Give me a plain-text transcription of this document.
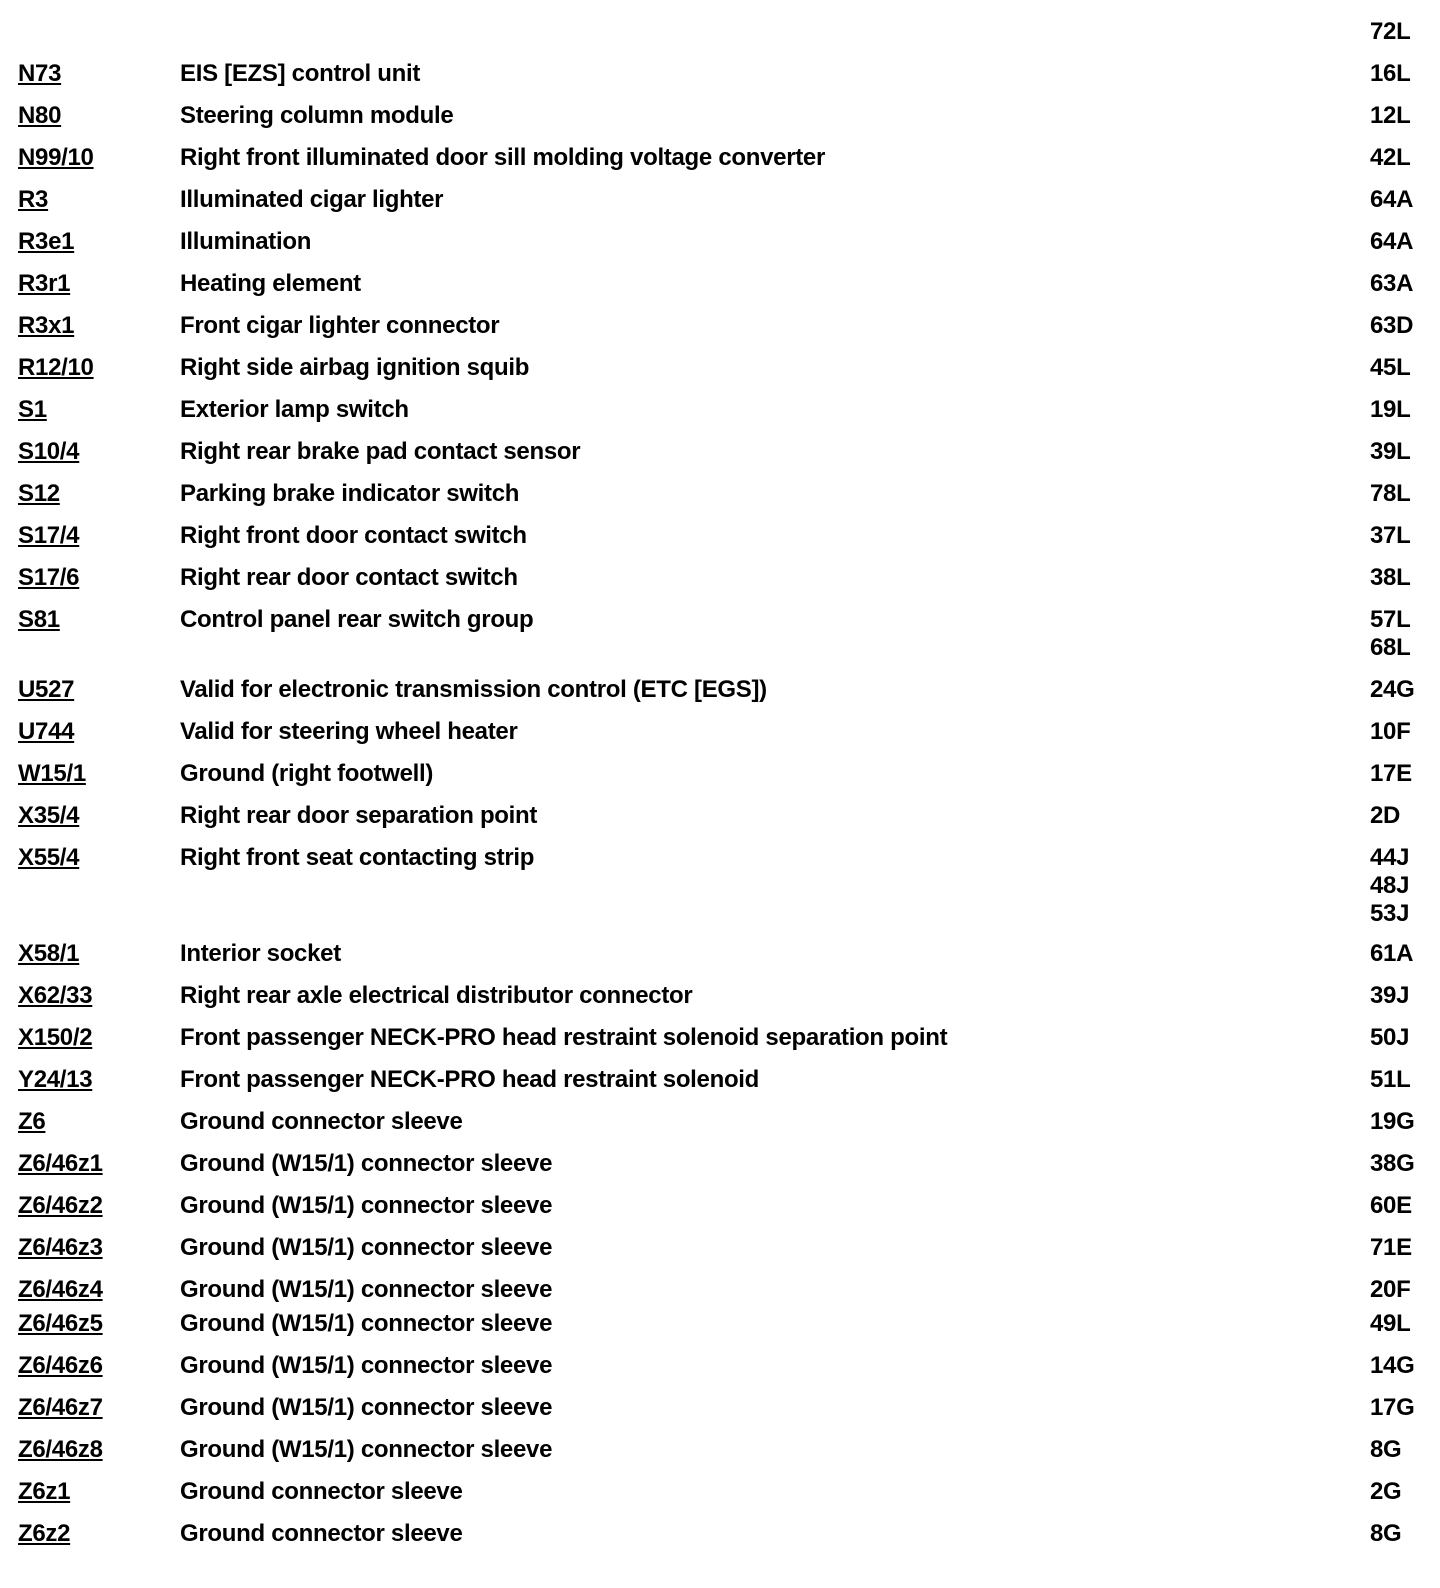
72L
N73	EIS [EZS] control unit	16L
N80	Steering column module	12L
N99/10	Right front illuminated door sill molding voltage converter	42L
R3	Illuminated cigar lighter	64A
R3e1	Illumination	64A
R3r1	Heating element	63A
R3x1	Front cigar lighter connector	63D
R12/10	Right side airbag ignition squib	45L
S1	Exterior lamp switch	19L
S10/4	Right rear brake pad contact sensor	39L
S12	Parking brake indicator switch	78L
S17/4	Right front door contact switch	37L
S17/6	Right rear door contact switch	38L
S81	Control panel rear switch group	57L
68L
U527	Valid for electronic transmission control (ETC [EGS])	24G
U744	Valid for steering wheel heater	10F
W15/1	Ground (right footwell)	17E
X35/4	Right rear door separation point	2D
X55/4	Right front seat contacting strip	44J
48J
53J
X58/1	Interior socket	61A
X62/33	Right rear axle electrical distributor connector	39J
X150/2	Front passenger NECK-PRO head restraint solenoid separation point	50J
Y24/13	Front passenger NECK-PRO head restraint solenoid	51L
Z6	Ground connector sleeve	19G
Z6/46z1	Ground (W15/1) connector sleeve	38G
Z6/46z2	Ground (W15/1) connector sleeve	60E
Z6/46z3	Ground (W15/1) connector sleeve	71E
Z6/46z4	Ground (W15/1) connector sleeve	20F
Z6/46z5	Ground (W15/1) connector sleeve	49L
Z6/46z6	Ground (W15/1) connector sleeve	14G
Z6/46z7	Ground (W15/1) connector sleeve	17G
Z6/46z8	Ground (W15/1) connector sleeve	8G
Z6z1	Ground connector sleeve	2G
Z6z2	Ground connector sleeve	8G
